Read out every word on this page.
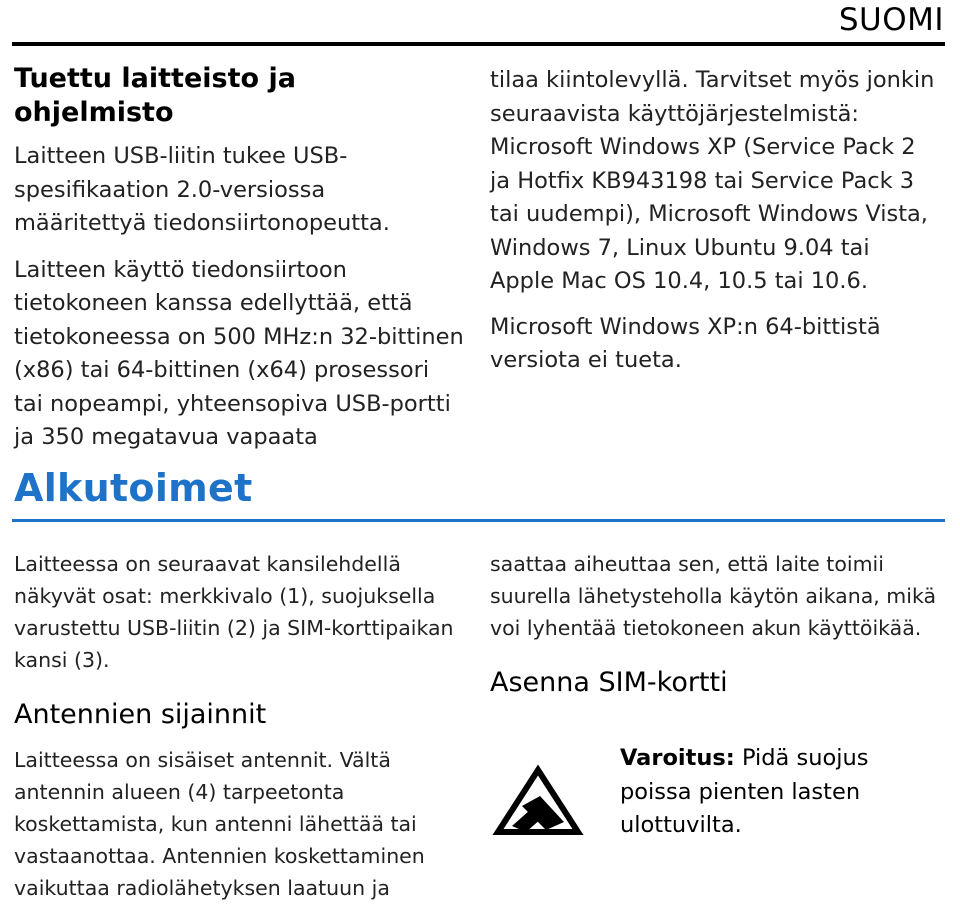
SUOMI
Tuettu laitteisto ja ohjelmisto

Laitteen USB-liitin tukee USB-spesifikaation 2.0-versiossa määritettyä tiedonsiirtonopeutta.

Laitteen käyttö tiedonsiirtoon tietokoneen kanssa edellyttää, että tietokoneessa on 500 MHz:n 32-bittinen (x86) tai 64-bittinen (x64) prosessori tai nopeampi, yhteensopiva USB-portti ja 350 megatavua vapaata

tilaa kiintolevyllä. Tarvitset myös jonkin seuraavista käyttöjärjestelmistä: Microsoft Windows XP (Service Pack 2 ja Hotfix KB943198 tai Service Pack 3 tai uudempi), Microsoft Windows Vista, Windows 7, Linux Ubuntu 9.04 tai Apple Mac OS 10.4, 10.5 tai 10.6.

Microsoft Windows XP:n 64-bittistä versiota ei tueta.

Alkutoimet

Laitteessa on seuraavat kansilehdellä näkyvät osat: merkkivalo (1), suojuksella varustettu USB-liitin (2) ja SIM-korttipaikan kansi (3).

Antennien sijainnit

Laitteessa on sisäiset antennit. Vältä antennin alueen (4) tarpeetonta koskettamista, kun antenni lähettää tai vastaanottaa. Antennien koskettaminen vaikuttaa radiolähetyksen laatuun ja

saattaa aiheuttaa sen, että laite toimii suurella lähetysteholla käytön aikana, mikä voi lyhentää tietokoneen akun käyttöikää.

Asenna SIM-kortti

Varoitus: Pidä suojus poissa pienten lasten ulottuvilta.
